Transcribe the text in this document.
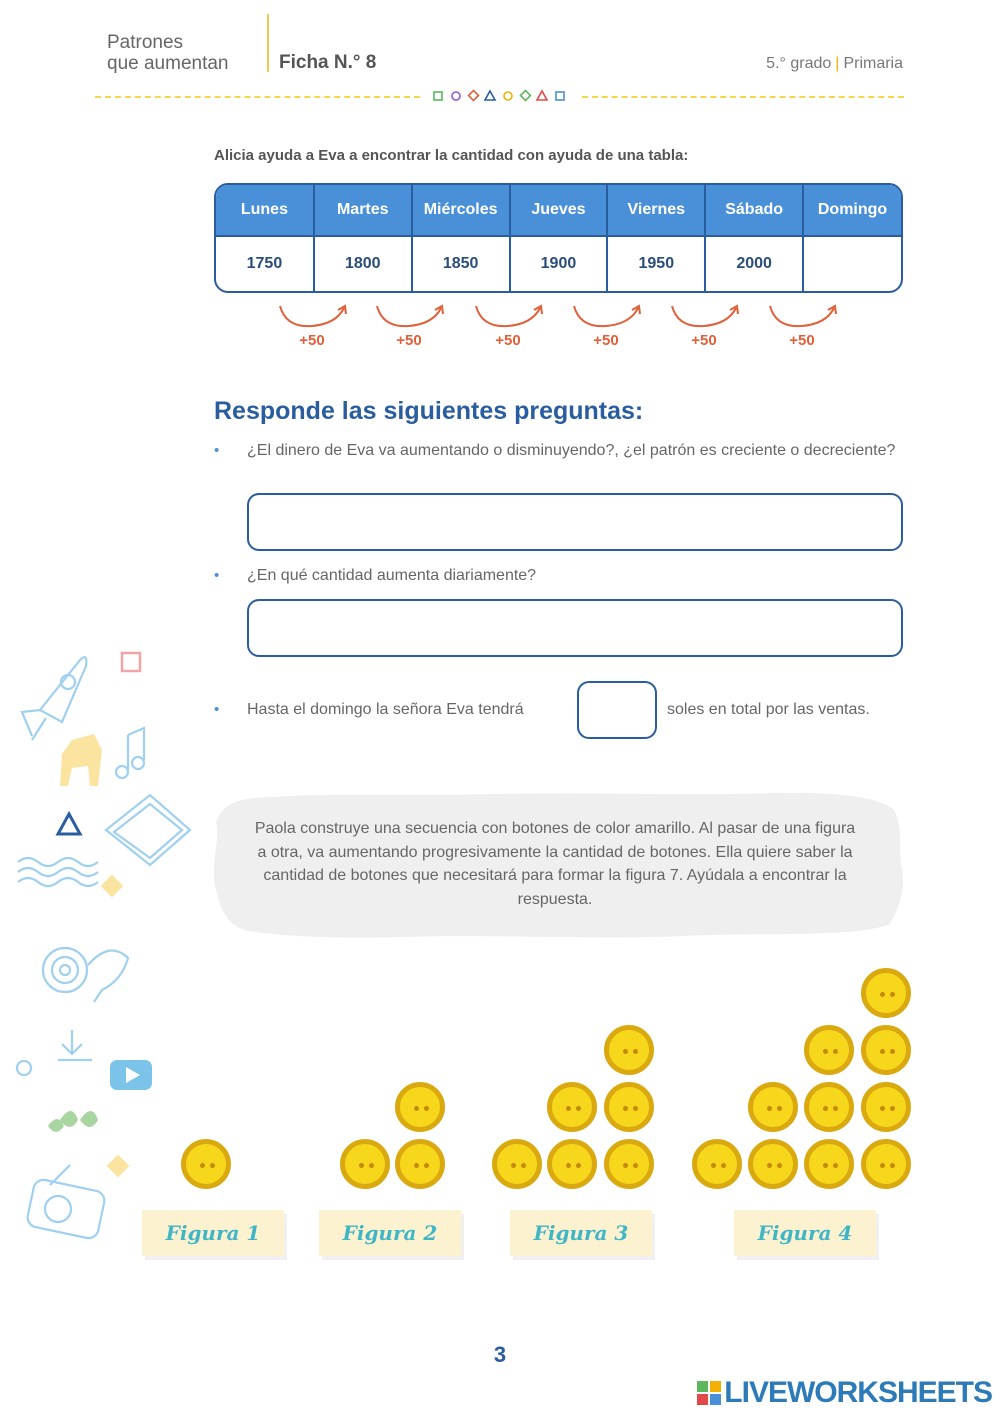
Patrones
que aumentan	Ficha N.° 8	5.° grado | Primaria
Alicia ayuda a Eva a encontrar la cantidad con ayuda de una tabla:
Lunes	Martes	Miércoles	Jueves	Viernes	Sábado	Domingo
1750	1800	1850	1900	1950	2000	
+50	+50	+50	+50	+50	+50
Responde las siguientes preguntas:
• ¿El dinero de Eva va aumentando o disminuyendo?, ¿el patrón es creciente o decreciente?
• ¿En qué cantidad aumenta diariamente?
• Hasta el domingo la señora Eva tendrá	soles en total por las ventas.
Paola construye una secuencia con botones de color amarillo. Al pasar de una figura a otra, va aumentando progresivamente la cantidad de botones. Ella quiere saber la cantidad de botones que necesitará para formar la figura 7. Ayúdala a encontrar la respuesta.
Figura 1	Figura 2	Figura 3	Figura 4
3
LIVEWORKSHEETS
